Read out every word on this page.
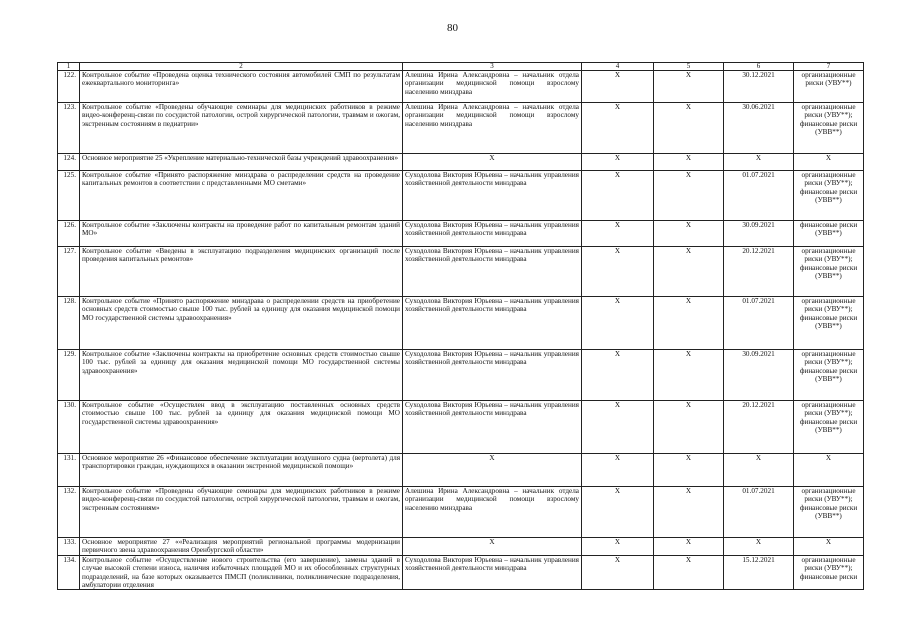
80
1	2	3	4	5	6	7
122.	Контрольное событие «Проведена оценка технического состояния автомобилей СМП по результатам ежеквартального мониторинга»	Алешина Ирина Александровна – начальник отдела организации медицинской помощи взрослому населению минздрава	X	X	30.12.2021	организационные риски (УВУ**)
123.	Контрольное событие «Проведены обучающие семинары для медицинских работников в режиме видео-конференц-связи по сосудистой патологии, острой хирургической патологии, травмам и ожогам, экстренным состояниям в педиатрии»	Алешина Ирина Александровна – начальник отдела организации медицинской помощи взрослому населению минздрава	X	X	30.06.2021	организационные риски (УВУ**); финансовые риски (УВВ**)
124.	Основное мероприятие 25 «Укрепление материально-технической базы учреждений здравоохранения»	X	X	X	X	X
125.	Контрольное событие «Принято распоряжение минздрава о распределении средств на проведение капитальных ремонтов в соответствии с представленными МО сметами»	Суходолова Виктория Юрьевна – начальник управления хозяйственной деятельности минздрава	X	X	01.07.2021	организационные риски (УВУ**); финансовые риски (УВВ**)
126.	Контрольное событие «Заключены контракты на проведение работ по капитальным ремонтам зданий МО»	Суходолова Виктория Юрьевна – начальник управления хозяйственной деятельности минздрава	X	X	30.09.2021	финансовые риски (УВВ**)
127.	Контрольное событие «Введены в эксплуатацию подразделения медицинских организаций после проведения капитальных ремонтов»	Суходолова Виктория Юрьевна – начальник управления хозяйственной деятельности минздрава	X	X	20.12.2021	организационные риски (УВУ**); финансовые риски (УВВ**)
128.	Контрольное событие «Принято распоряжение минздрава о распределении средств на приобретение основных средств стоимостью свыше 100 тыс. рублей за единицу для оказания медицинской помощи МО государственной системы здравоохранения»	Суходолова Виктория Юрьевна – начальник управления хозяйственной деятельности минздрава	X	X	01.07.2021	организационные риски (УВУ**); финансовые риски (УВВ**)
129.	Контрольное событие «Заключены контракты на приобретение основных средств стоимостью свыше 100 тыс. рублей за единицу для оказания медицинской помощи МО государственной системы здравоохранения»	Суходолова Виктория Юрьевна – начальник управления хозяйственной деятельности минздрава	X	X	30.09.2021	организационные риски (УВУ**); финансовые риски (УВВ**)
130.	Контрольное событие «Осуществлен ввод в эксплуатацию поставленных основных средств стоимостью свыше 100 тыс. рублей за единицу для оказания медицинской помощи МО государственной системы здравоохранения»	Суходолова Виктория Юрьевна – начальник управления хозяйственной деятельности минздрава	X	X	20.12.2021	организационные риски (УВУ**); финансовые риски (УВВ**)
131.	Основное мероприятие 26 «Финансовое обеспечение эксплуатации воздушного судна (вертолета) для транспортировки граждан, нуждающихся в оказании экстренной медицинской помощи»	X	X	X	X	X
132.	Контрольное событие «Проведены обучающие семинары для медицинских работников в режиме видео-конференц-связи по сосудистой патологии, острой хирургической патологии, травмам и ожогам, экстренным состояниям»	Алешина Ирина Александровна – начальник отдела организации медицинской помощи взрослому населению минздрава	X	X	01.07.2021	организационные риски (УВУ**); финансовые риски (УВВ**)
133.	Основное мероприятие 27 ««Реализация мероприятий региональной программы модернизации первичного звена здравоохранения Оренбургской области»	X	X	X	X	X
134.	Контрольное событие «Осуществление нового строительства (его завершение), замены зданий в случае высокой степени износа, наличия избыточных площадей МО и их обособленных структурных подразделений, на базе которых оказывается ПМСП (поликлиники, поликлинические подразделения, амбулатории отделения	Суходолова Виктория Юрьевна – начальник управления хозяйственной деятельности минздрава	X	X	15.12.2021	организационные риски (УВУ**); финансовые риски
